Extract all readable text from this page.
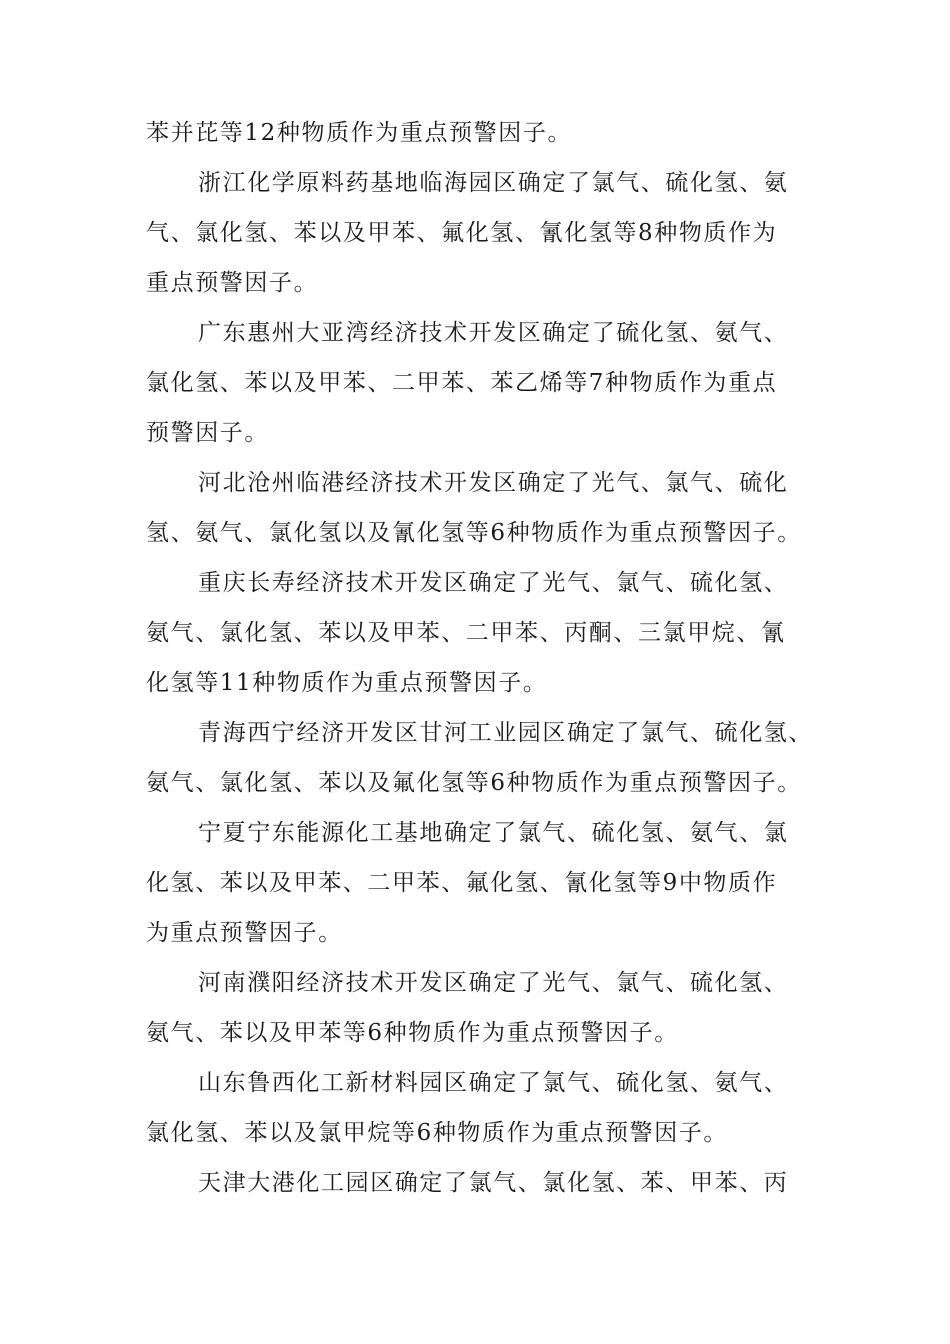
苯并芘等12种物质作为重点预警因子。
浙江化学原料药基地临海园区确定了氯气、硫化氢、氨
气、氯化氢、苯以及甲苯、氟化氢、氰化氢等8种物质作为
重点预警因子。
广东惠州大亚湾经济技术开发区确定了硫化氢、氨气、
氯化氢、苯以及甲苯、二甲苯、苯乙烯等7种物质作为重点
预警因子。
河北沧州临港经济技术开发区确定了光气、氯气、硫化
氢、氨气、氯化氢以及氰化氢等6种物质作为重点预警因子。
重庆长寿经济技术开发区确定了光气、氯气、硫化氢、
氨气、氯化氢、苯以及甲苯、二甲苯、丙酮、三氯甲烷、氰
化氢等11种物质作为重点预警因子。
青海西宁经济开发区甘河工业园区确定了氯气、硫化氢、
氨气、氯化氢、苯以及氟化氢等6种物质作为重点预警因子。
宁夏宁东能源化工基地确定了氯气、硫化氢、氨气、氯
化氢、苯以及甲苯、二甲苯、氟化氢、氰化氢等9中物质作
为重点预警因子。
河南濮阳经济技术开发区确定了光气、氯气、硫化氢、
氨气、苯以及甲苯等6种物质作为重点预警因子。
山东鲁西化工新材料园区确定了氯气、硫化氢、氨气、
氯化氢、苯以及氯甲烷等6种物质作为重点预警因子。
天津大港化工园区确定了氯气、氯化氢、苯、甲苯、丙
